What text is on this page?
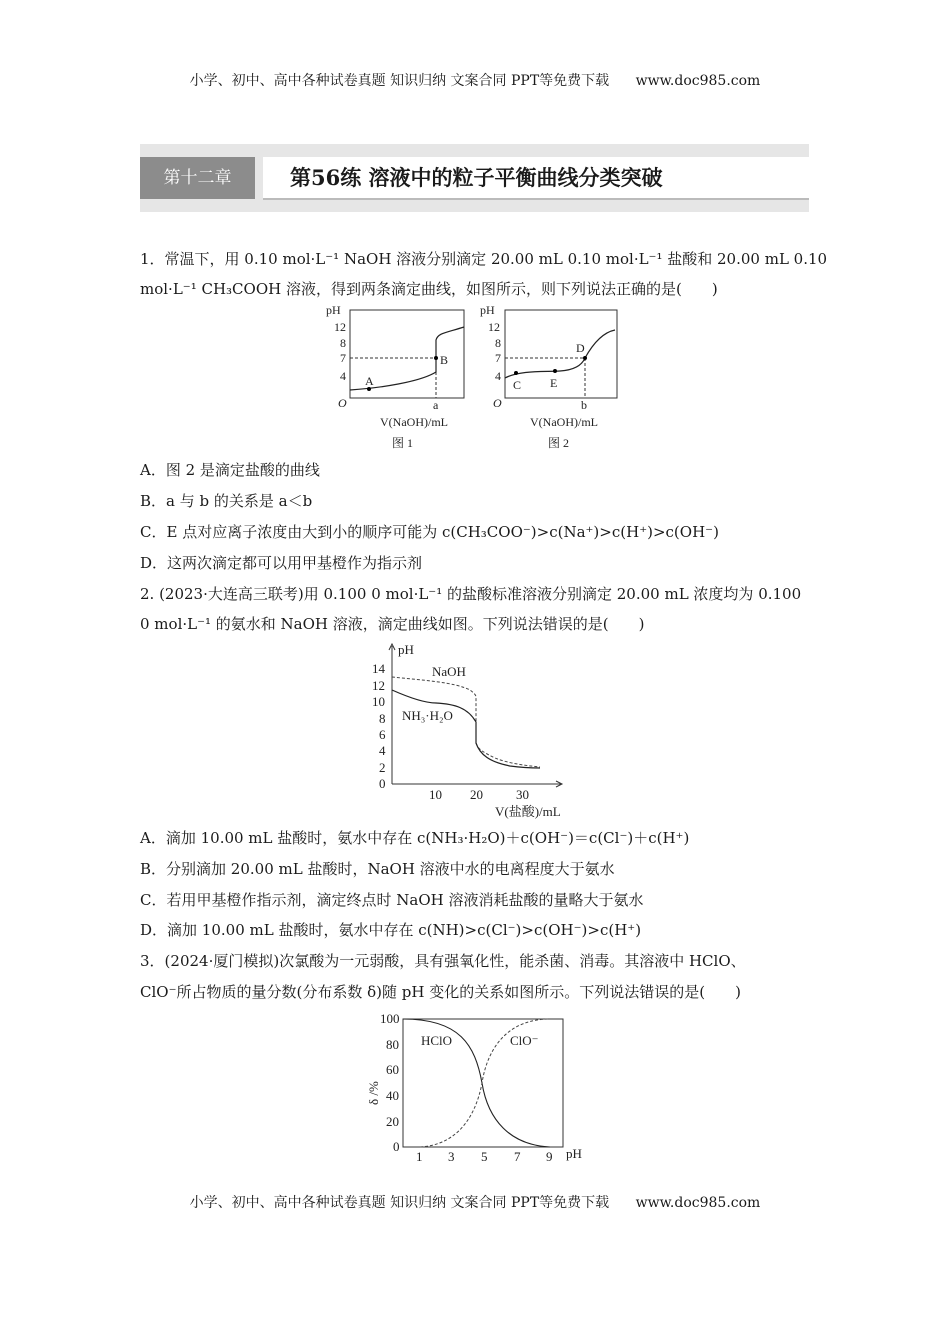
小学、初中、高中各种试卷真题 知识归纳 文案合同 PPT等免费下载　 www.doc985.com
第十二章	第56练 溶液中的粒子平衡曲线分类突破
1．常温下，用 0.10 mol·L⁻¹ NaOH 溶液分别滴定 20.00 mL 0.10 mol·L⁻¹ 盐酸和 20.00 mL 0.10
mol·L⁻¹ CH₃COOH 溶液，得到两条滴定曲线，如图所示，则下列说法正确的是(　　)
pH
12
8
7
4
O	a
V(NaOH)/mL
图 1
A
B
pH
12
8
7
4
O	b
V(NaOH)/mL
图 2
C E
D
A．图 2 是滴定盐酸的曲线
B．a 与 b 的关系是 a＜b
C．E 点对应离子浓度由大到小的顺序可能为 c(CH₃COO⁻)>c(Na⁺)>c(H⁺)>c(OH⁻)
D．这两次滴定都可以用甲基橙作为指示剂
2. (2023·大连高三联考)用 0.100 0 mol·L⁻¹ 的盐酸标准溶液分别滴定 20.00 mL 浓度均为 0.100
0 mol·L⁻¹ 的氨水和 NaOH 溶液，滴定曲线如图。下列说法错误的是(　　)
pH
14
12
10
8
6
4
2
0
10 20	30
V(盐酸)/mL
NaOH
NH₃·H₂O
A．滴加 10.00 mL 盐酸时，氨水中存在 c(NH₃·H₂O)＋c(OH⁻)＝c(Cl⁻)＋c(H⁺)
B．分别滴加 20.00 mL 盐酸时，NaOH 溶液中水的电离程度大于氨水
C．若用甲基橙作指示剂，滴定终点时 NaOH 溶液消耗盐酸的量略大于氨水
D．滴加 10.00 mL 盐酸时，氨水中存在 c(NH)>c(Cl⁻)>c(OH⁻)>c(H⁺)
3．(2024·厦门模拟)次氯酸为一元弱酸，具有强氧化性，能杀菌、消毒。其溶液中 HClO、
ClO⁻所占物质的量分数(分布系数 δ)随 pH 变化的关系如图所示。下列说法错误的是(　　)
100
80
60
40
20
0
δ /%
1 3 5 7 9 pH
HClO	ClO⁻
小学、初中、高中各种试卷真题 知识归纳 文案合同 PPT等免费下载　 www.doc985.com
